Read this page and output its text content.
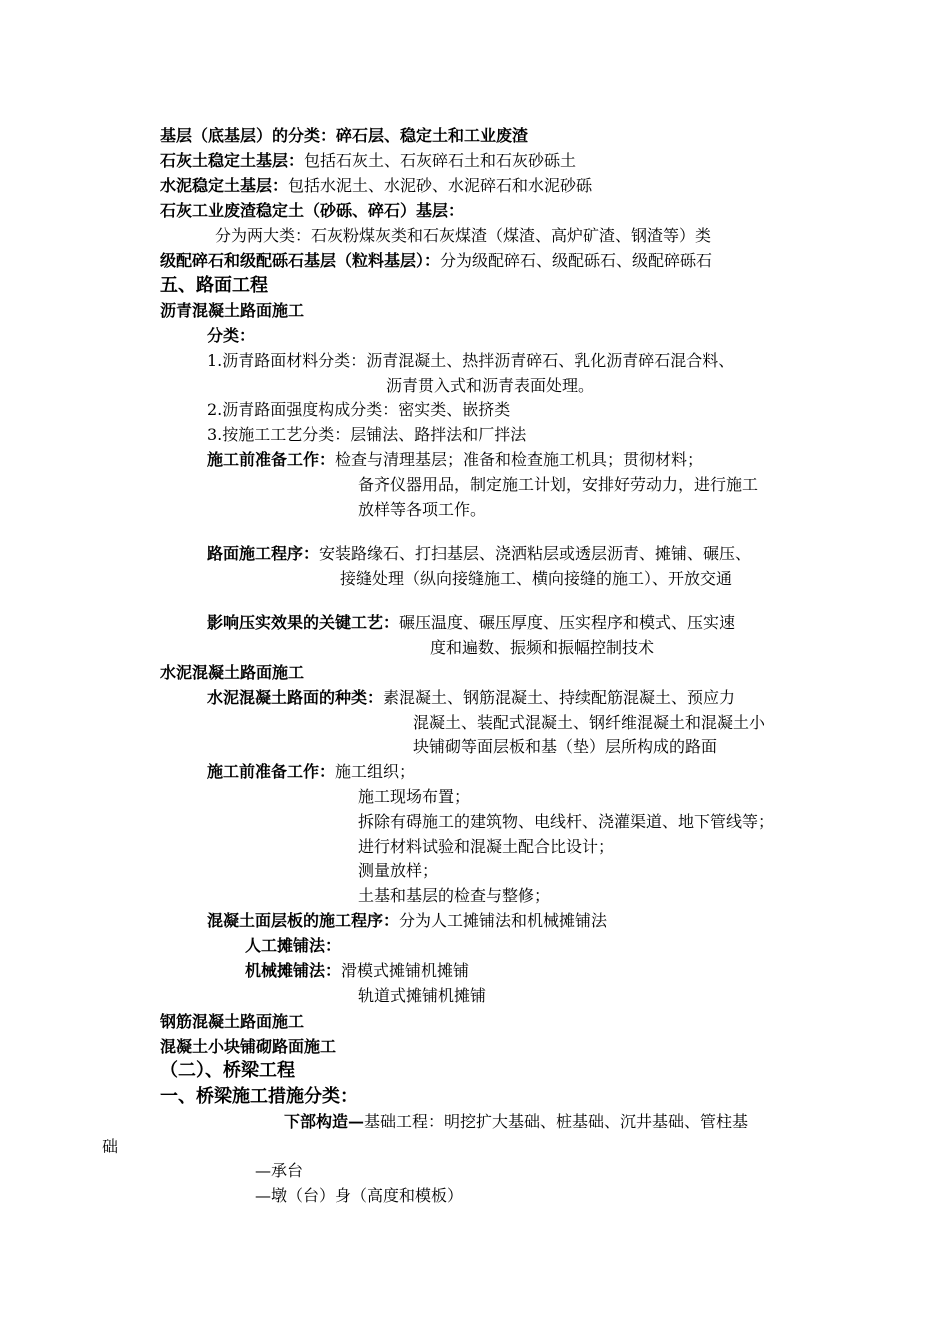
基层（底基层）的分类：碎石层、稳定土和工业废渣
石灰土稳定土基层：包括石灰土、石灰碎石土和石灰砂砾土
水泥稳定土基层：包括水泥土、水泥砂、水泥碎石和水泥砂砾
石灰工业废渣稳定土（砂砾、碎石）基层：
分为两大类：石灰粉煤灰类和石灰煤渣（煤渣、高炉矿渣、钢渣等）类
级配碎石和级配砾石基层（粒料基层）：分为级配碎石、级配砾石、级配碎砾石
五、路面工程
沥青混凝土路面施工
分类：
1.沥青路面材料分类：沥青混凝土、热拌沥青碎石、乳化沥青碎石混合料、
沥青贯入式和沥青表面处理。
2.沥青路面强度构成分类：密实类、嵌挤类
3.按施工工艺分类：层铺法、路拌法和厂拌法
施工前准备工作：检查与清理基层；准备和检查施工机具；贯彻材料；
备齐仪器用品，制定施工计划，安排好劳动力，进行施工
放样等各项工作。
路面施工程序：安装路缘石、打扫基层、浇洒粘层或透层沥青、摊铺、碾压、
接缝处理（纵向接缝施工、横向接缝的施工）、开放交通
影响压实效果的关键工艺：碾压温度、碾压厚度、压实程序和模式、压实速
度和遍数、振频和振幅控制技术
水泥混凝土路面施工
水泥混凝土路面的种类：素混凝土、钢筋混凝土、持续配筋混凝土、预应力
混凝土、装配式混凝土、钢纤维混凝土和混凝土小
块铺砌等面层板和基（垫）层所构成的路面
施工前准备工作：施工组织；
施工现场布置；
拆除有碍施工的建筑物、电线杆、浇灌渠道、地下管线等；
进行材料试验和混凝土配合比设计；
测量放样；
土基和基层的检查与整修；
混凝土面层板的施工程序：分为人工摊铺法和机械摊铺法
人工摊铺法：
机械摊铺法：滑模式摊铺机摊铺
轨道式摊铺机摊铺
钢筋混凝土路面施工
混凝土小块铺砌路面施工
（二）、桥梁工程
一、桥梁施工措施分类：
下部构造—基础工程：明挖扩大基础、桩基础、沉井基础、管柱基
础
—承台
—墩（台）身（高度和模板）
